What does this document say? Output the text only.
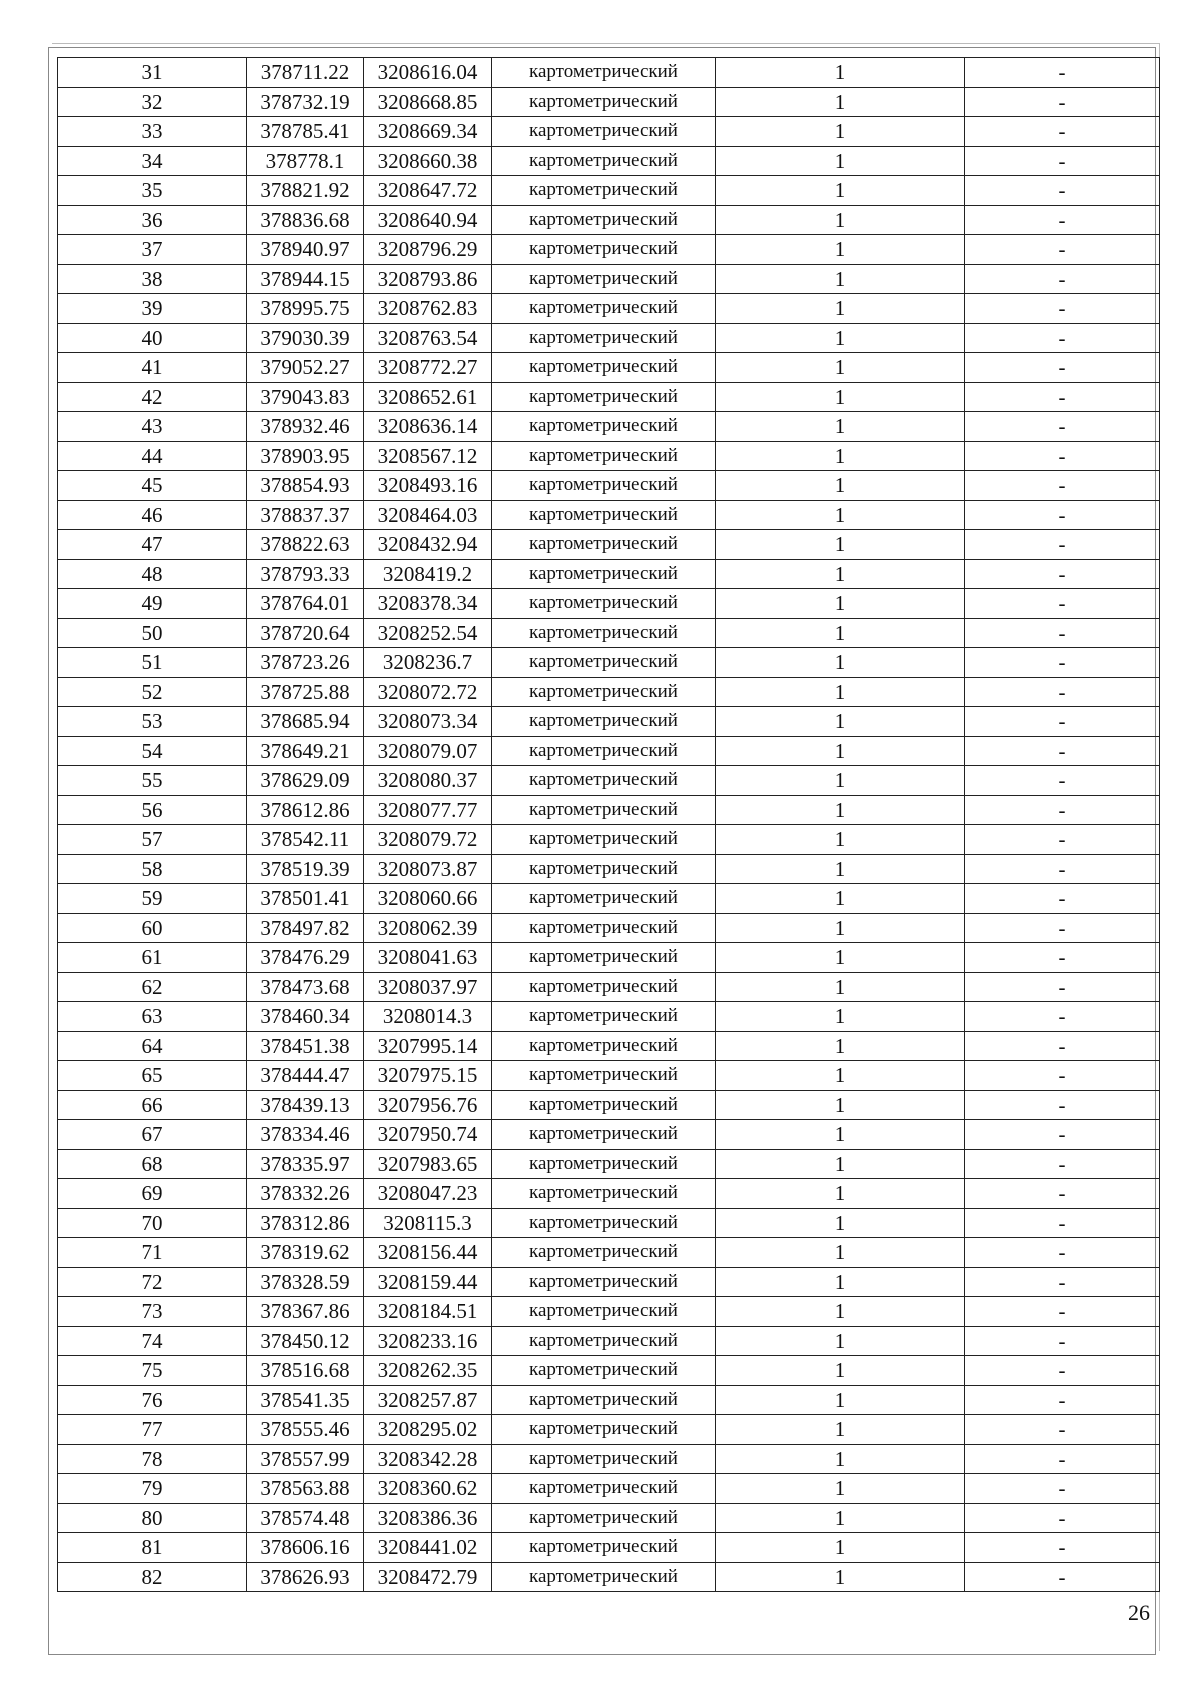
31	378711.22	3208616.04	картометрический	1	-
32	378732.19	3208668.85	картометрический	1	-
33	378785.41	3208669.34	картометрический	1	-
34	378778.1	3208660.38	картометрический	1	-
35	378821.92	3208647.72	картометрический	1	-
36	378836.68	3208640.94	картометрический	1	-
37	378940.97	3208796.29	картометрический	1	-
38	378944.15	3208793.86	картометрический	1	-
39	378995.75	3208762.83	картометрический	1	-
40	379030.39	3208763.54	картометрический	1	-
41	379052.27	3208772.27	картометрический	1	-
42	379043.83	3208652.61	картометрический	1	-
43	378932.46	3208636.14	картометрический	1	-
44	378903.95	3208567.12	картометрический	1	-
45	378854.93	3208493.16	картометрический	1	-
46	378837.37	3208464.03	картометрический	1	-
47	378822.63	3208432.94	картометрический	1	-
48	378793.33	3208419.2	картометрический	1	-
49	378764.01	3208378.34	картометрический	1	-
50	378720.64	3208252.54	картометрический	1	-
51	378723.26	3208236.7	картометрический	1	-
52	378725.88	3208072.72	картометрический	1	-
53	378685.94	3208073.34	картометрический	1	-
54	378649.21	3208079.07	картометрический	1	-
55	378629.09	3208080.37	картометрический	1	-
56	378612.86	3208077.77	картометрический	1	-
57	378542.11	3208079.72	картометрический	1	-
58	378519.39	3208073.87	картометрический	1	-
59	378501.41	3208060.66	картометрический	1	-
60	378497.82	3208062.39	картометрический	1	-
61	378476.29	3208041.63	картометрический	1	-
62	378473.68	3208037.97	картометрический	1	-
63	378460.34	3208014.3	картометрический	1	-
64	378451.38	3207995.14	картометрический	1	-
65	378444.47	3207975.15	картометрический	1	-
66	378439.13	3207956.76	картометрический	1	-
67	378334.46	3207950.74	картометрический	1	-
68	378335.97	3207983.65	картометрический	1	-
69	378332.26	3208047.23	картометрический	1	-
70	378312.86	3208115.3	картометрический	1	-
71	378319.62	3208156.44	картометрический	1	-
72	378328.59	3208159.44	картометрический	1	-
73	378367.86	3208184.51	картометрический	1	-
74	378450.12	3208233.16	картометрический	1	-
75	378516.68	3208262.35	картометрический	1	-
76	378541.35	3208257.87	картометрический	1	-
77	378555.46	3208295.02	картометрический	1	-
78	378557.99	3208342.28	картометрический	1	-
79	378563.88	3208360.62	картометрический	1	-
80	378574.48	3208386.36	картометрический	1	-
81	378606.16	3208441.02	картометрический	1	-
82	378626.93	3208472.79	картометрический	1	-
26
